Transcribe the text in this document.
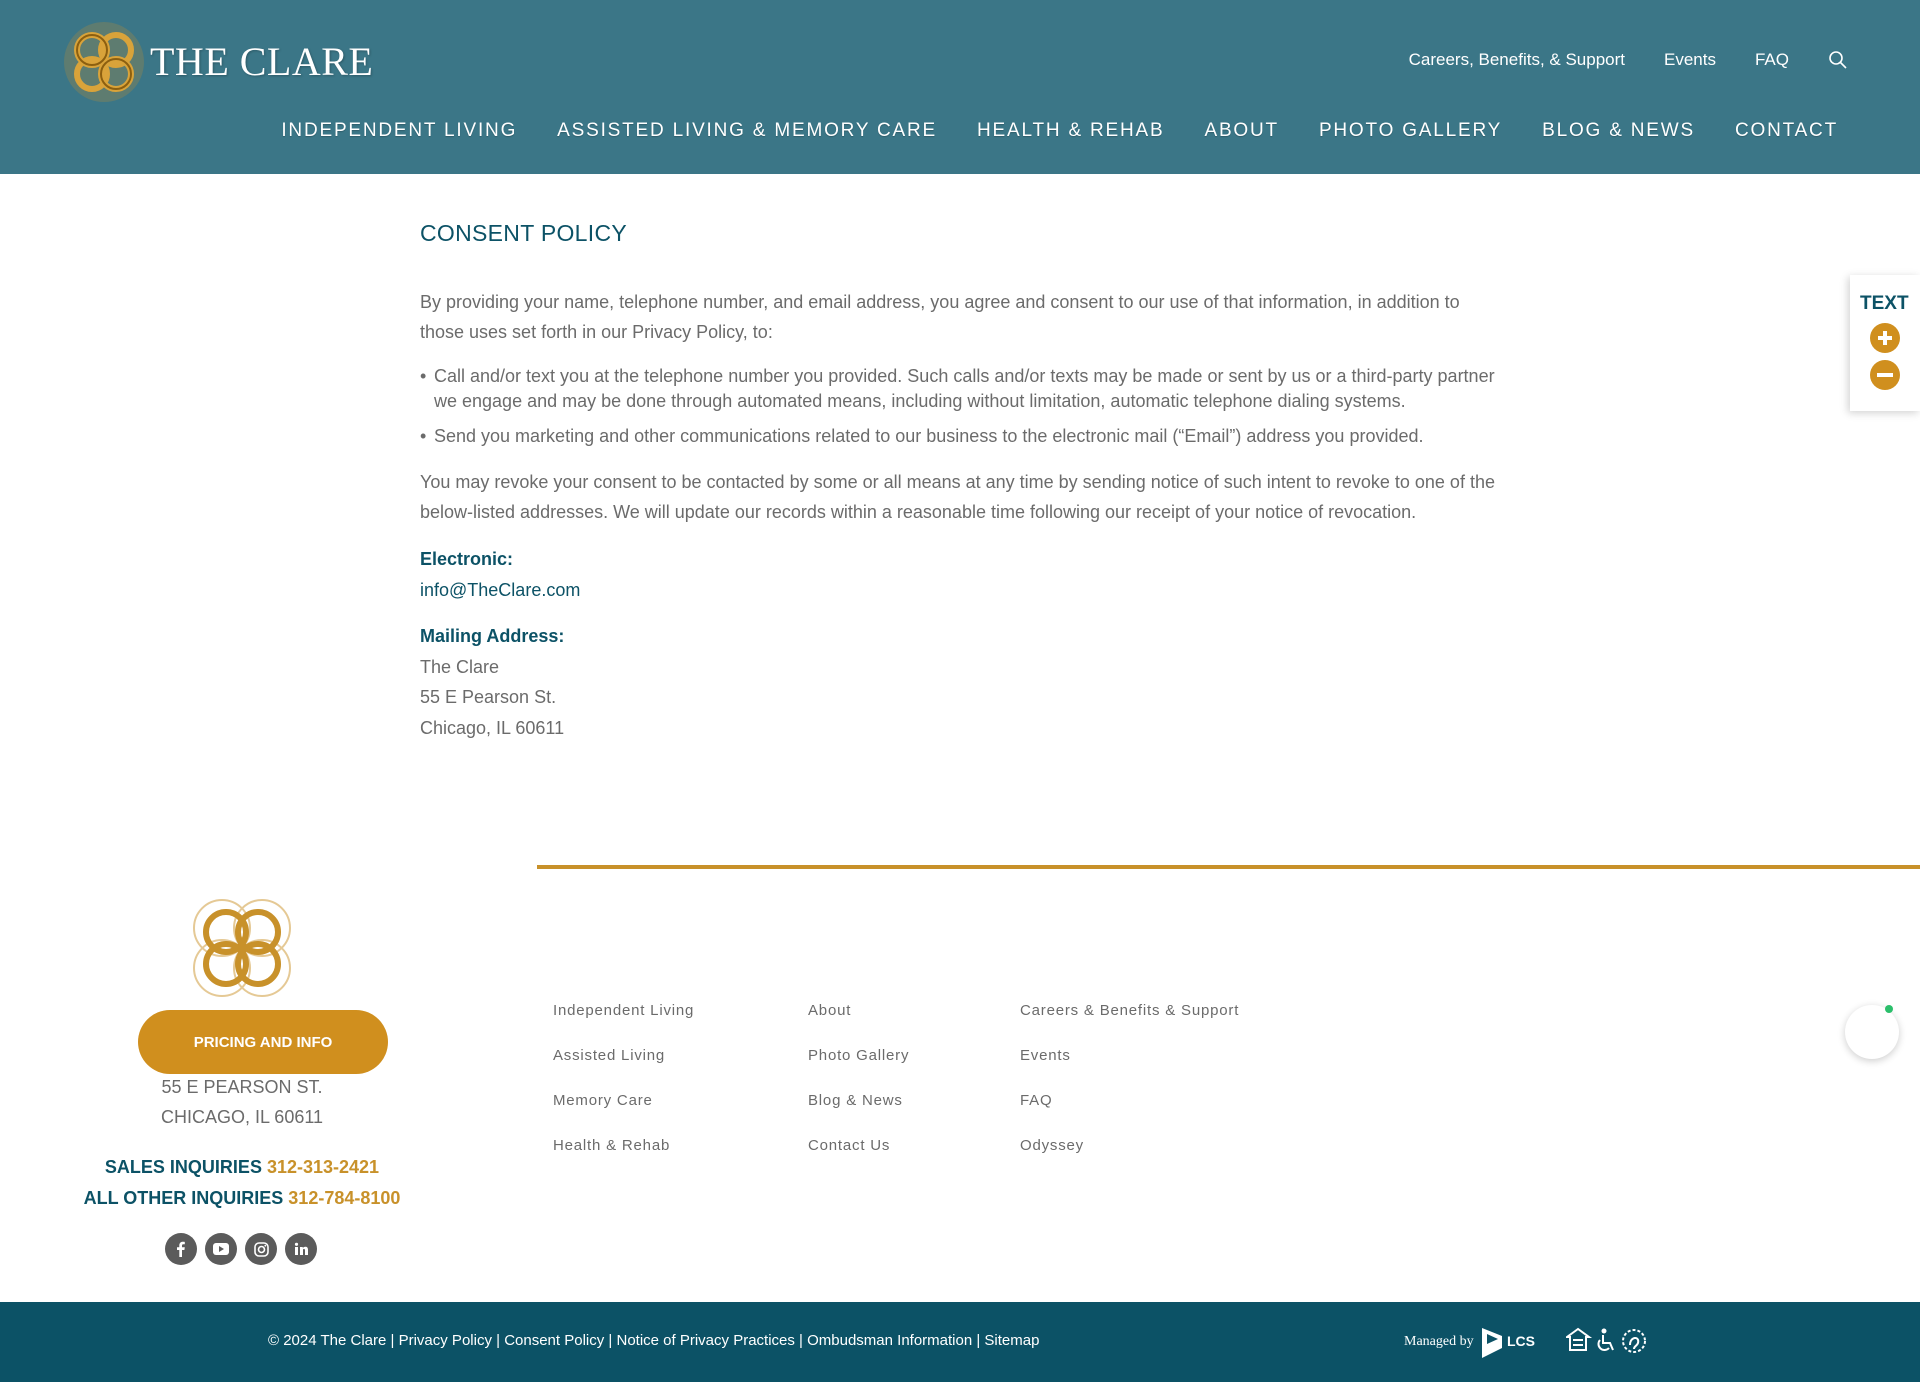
THE CLARE	Careers, Benefits, & Support Events FAQ
INDEPENDENT LIVING ASSISTED LIVING & MEMORY CARE HEALTH & REHAB ABOUT PHOTO GALLERY BLOG & NEWS CONTACT
CONSENT POLICY

By providing your name, telephone number, and email address, you agree and consent to our use of that information, in addition to those uses set forth in our Privacy Policy, to:

• Call and/or text you at the telephone number you provided. Such calls and/or texts may be made or sent by us or a third-party partner we engage and may be done through automated means, including without limitation, automatic telephone dialing systems.
• Send you marketing and other communications related to our business to the electronic mail (“Email”) address you provided.

You may revoke your consent to be contacted by some or all means at any time by sending notice of such intent to revoke to one of the below-listed addresses. We will update our records within a reasonable time following our receipt of your notice of revocation.

Electronic:
info@TheClare.com
Mailing Address:
The Clare
55 E Pearson St.
Chicago, IL 60611
TEXT
PRICING AND INFO
55 E PEARSON ST.
CHICAGO, IL 60611
SALES INQUIRIES 312-313-2421
ALL OTHER INQUIRIES 312-784-8100
Independent Living
Assisted Living
Memory Care
Health & Rehab
About
Photo Gallery
Blog & News
Contact Us
Careers & Benefits & Support
Events
FAQ
Odyssey
© 2024 The Clare | Privacy Policy | Consent Policy | Notice of Privacy Practices | Ombudsman Information | Sitemap	Managed by LCS
